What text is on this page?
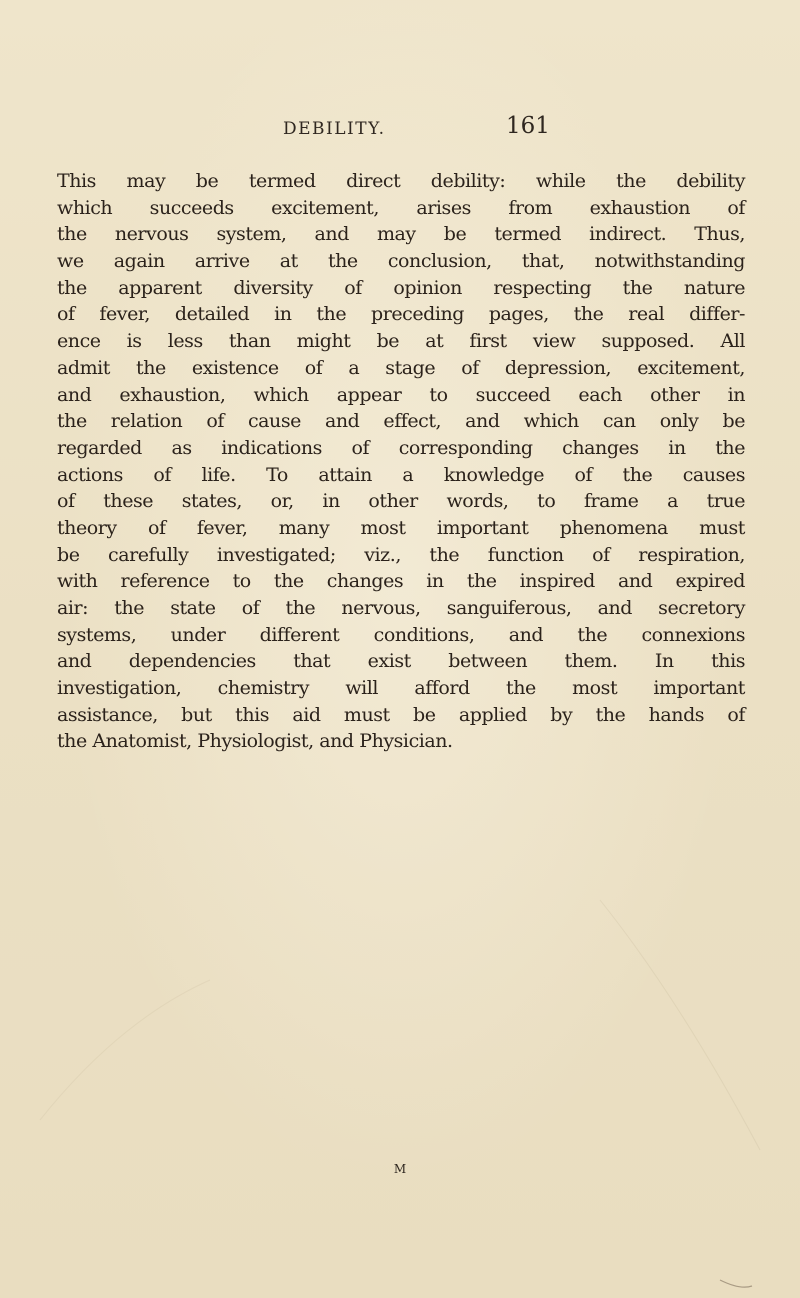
DEBILITY.	161
This may be termed direct debility: while the debility
which succeeds excitement, arises from exhaustion of
the nervous system, and may be termed indirect. Thus,
we again arrive at the conclusion, that, notwithstanding
the apparent diversity of opinion respecting the nature
of fever, detailed in the preceding pages, the real differ-
ence is less than might be at first view supposed. All
admit the existence of a stage of depression, excitement,
and exhaustion, which appear to succeed each other in
the relation of cause and effect, and which can only be
regarded as indications of corresponding changes in the
actions of life. To attain a knowledge of the causes
of these states, or, in other words, to frame a true
theory of fever, many most important phenomena must
be carefully investigated; viz., the function of respiration,
with reference to the changes in the inspired and expired
air: the state of the nervous, sanguiferous, and secretory
systems, under different conditions, and the connexions
and dependencies that exist between them. In this
investigation, chemistry will afford the most important
assistance, but this aid must be applied by the hands of
the Anatomist, Physiologist, and Physician.
M
